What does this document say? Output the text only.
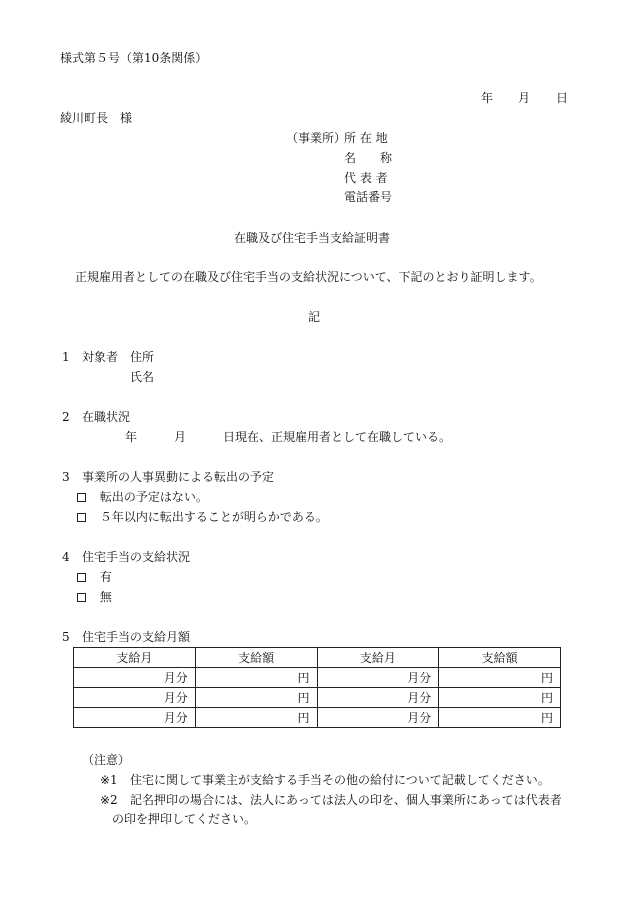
様式第５号（第10条関係）
年 月 日
綾川町長　様
（事業所）
所 在 地
名　　称
代 表 者
電話番号
在職及び住宅手当支給証明書
正規雇用者としての在職及び住宅手当の支給状況について、下記のとおり証明します。
記
1 対象者 住所
氏名
2 在職状況
年	月	日現在、正規雇用者として在職している。
3 事業所の人事異動による転出の予定
転出の予定はない。
５年以内に転出することが明らかである。
4 住宅手当の支給状況
有
無
5 住宅手当の支給月額
支給月	支給額	支給月	支給額
月分	円	月分	円
月分	円	月分	円
月分	円	月分	円
（注意）
※1 住宅に関して事業主が支給する手当その他の給付について記載してください。
※2 記名押印の場合には、法人にあっては法人の印を、個人事業所にあっては代表者
の印を押印してください。
